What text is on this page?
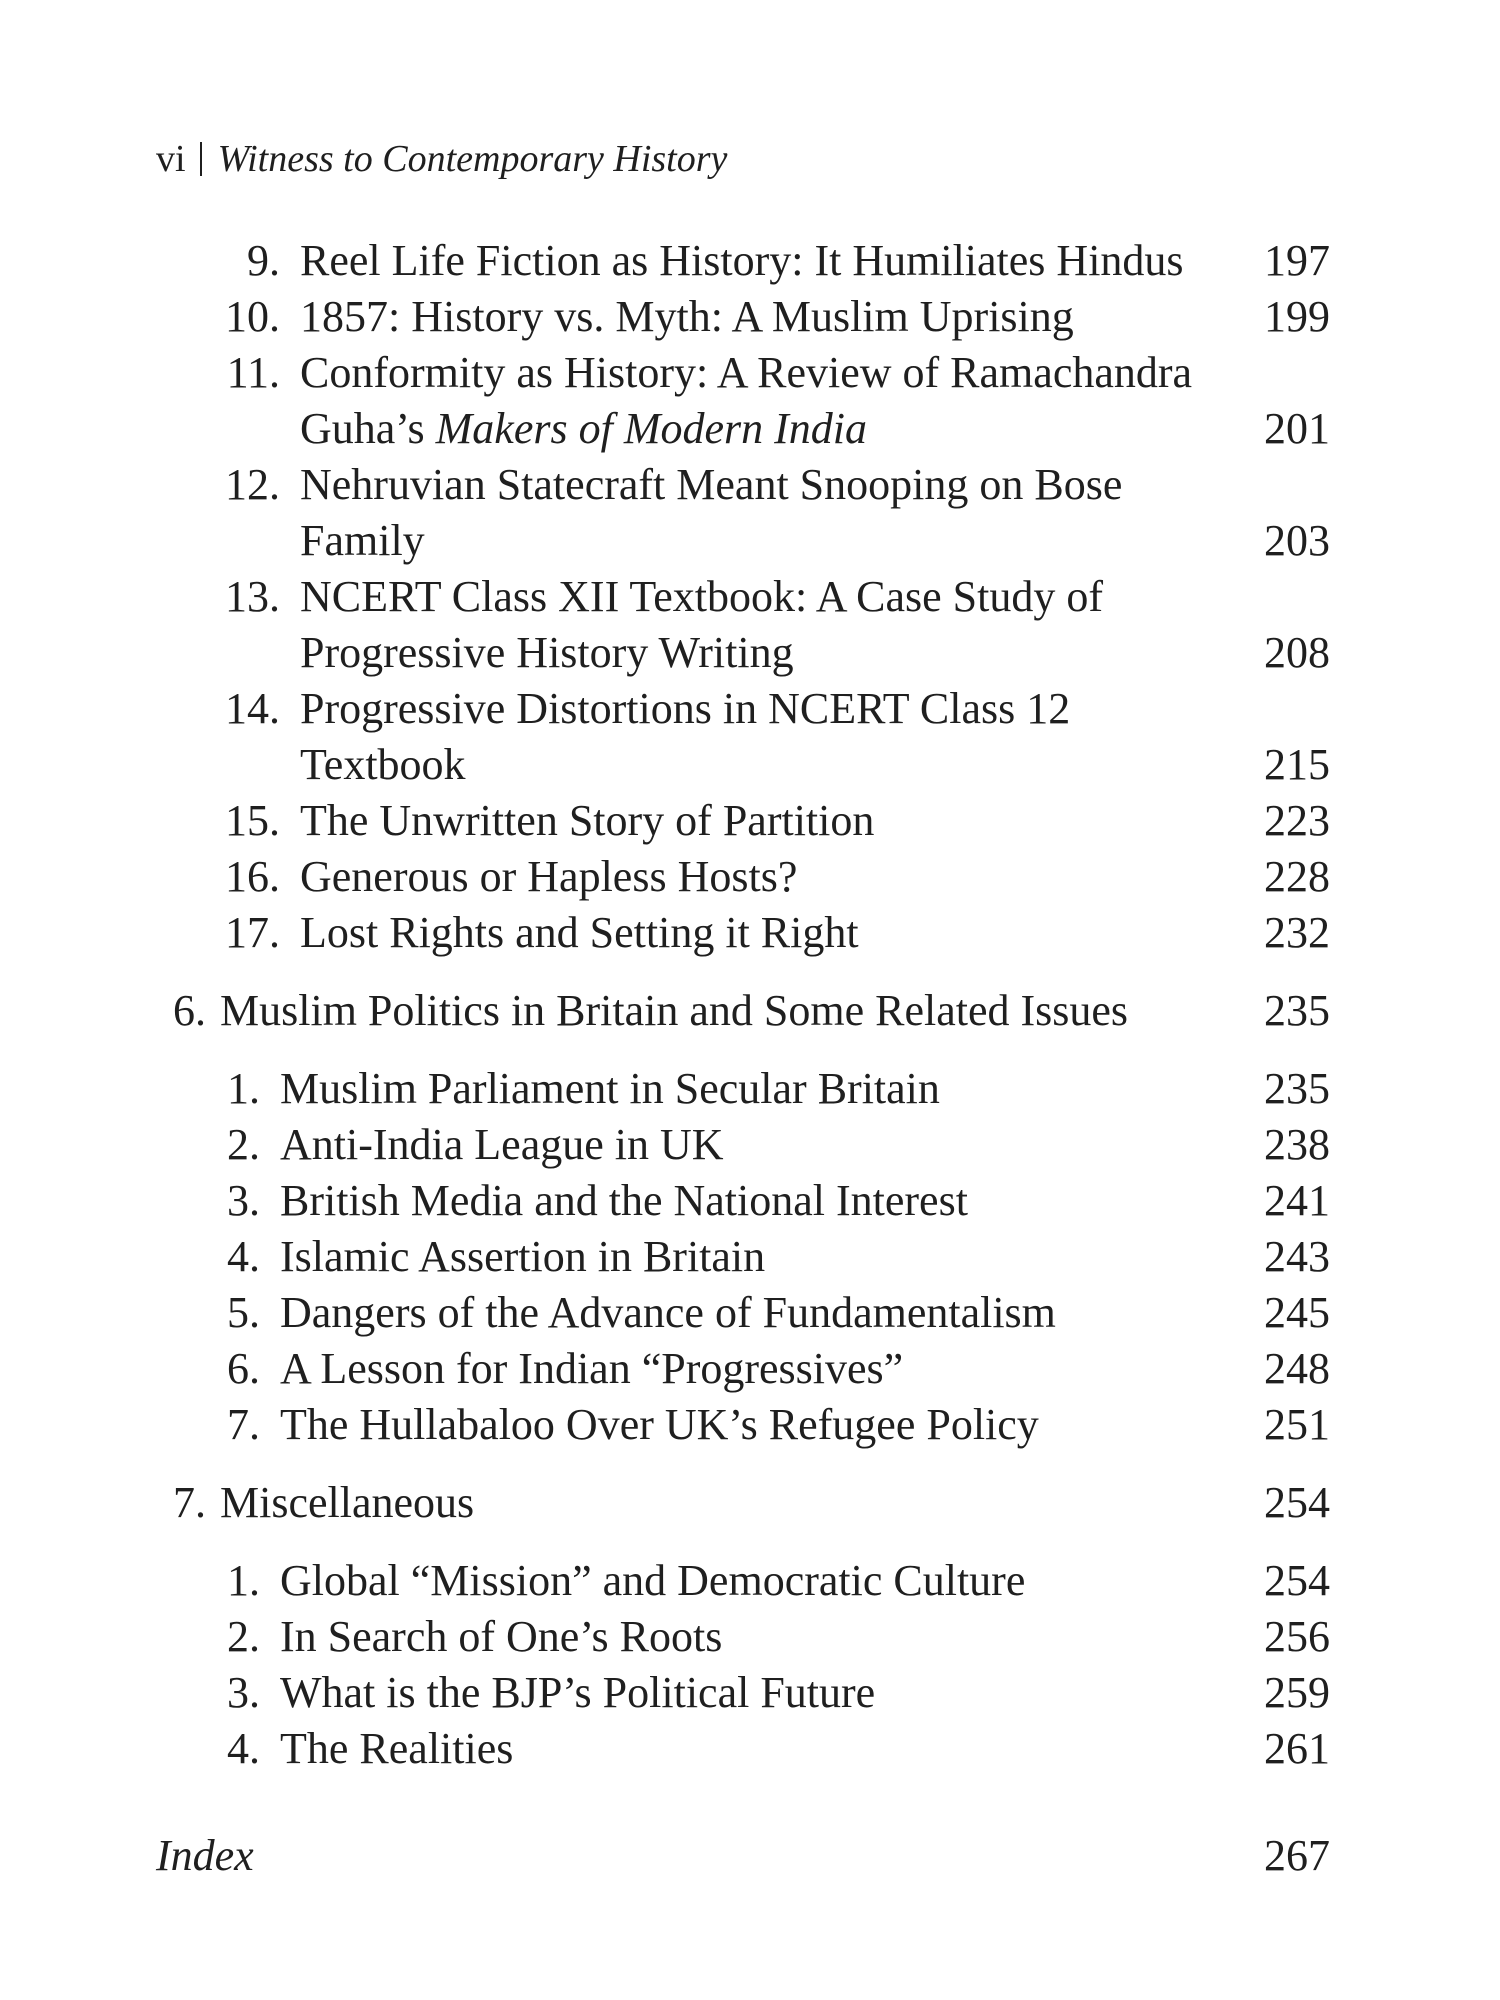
vi Witness to Contemporary History
9. Reel Life Fiction as History: It Humiliates Hindus	197
10. 1857: History vs. Myth: A Muslim Uprising	199
11. Conformity as History: A Review of Ramachandra
Guha’s Makers of Modern India	201
12. Nehruvian Statecraft Meant Snooping on Bose
Family	203
13. NCERT Class XII Textbook: A Case Study of
Progressive History Writing	208
14. Progressive Distortions in NCERT Class 12
Textbook	215
15. The Unwritten Story of Partition	223
16. Generous or Hapless Hosts?	228
17. Lost Rights and Setting it Right	232
6. Muslim Politics in Britain and Some Related Issues	235
1. Muslim Parliament in Secular Britain	235
2. Anti-India League in UK	238
3. British Media and the National Interest	241
4. Islamic Assertion in Britain	243
5. Dangers of the Advance of Fundamentalism	245
6. A Lesson for Indian “Progressives”	248
7. The Hullabaloo Over UK’s Refugee Policy	251
7. Miscellaneous	254
1. Global “Mission” and Democratic Culture	254
2. In Search of One’s Roots	256
3. What is the BJP’s Political Future	259
4. The Realities	261
Index	267
